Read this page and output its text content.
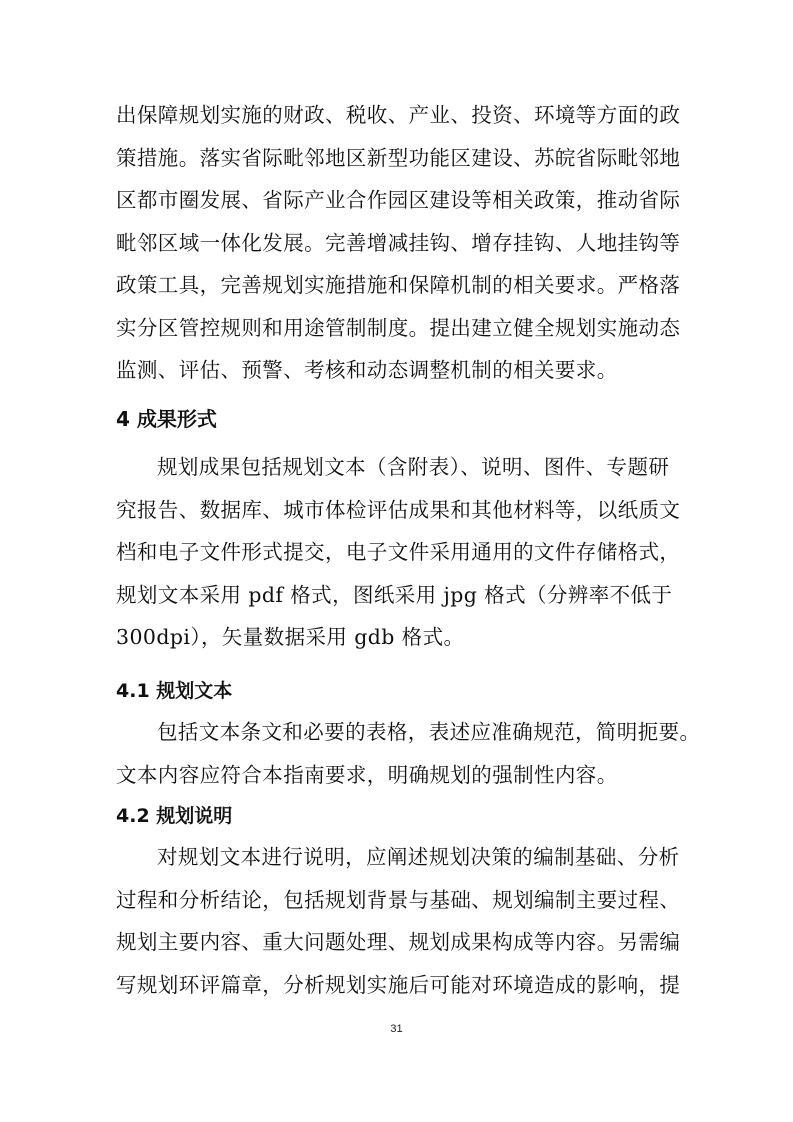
出保障规划实施的财政、税收、产业、投资、环境等方面的政
策措施。落实省际毗邻地区新型功能区建设、苏皖省际毗邻地
区都市圈发展、省际产业合作园区建设等相关政策，推动省际
毗邻区域一体化发展。完善增减挂钩、增存挂钩、人地挂钩等
政策工具，完善规划实施措施和保障机制的相关要求。严格落
实分区管控规则和用途管制制度。提出建立健全规划实施动态
监测、评估、预警、考核和动态调整机制的相关要求。
4 成果形式
规划成果包括规划文本（含附表）、说明、图件、专题研
究报告、数据库、城市体检评估成果和其他材料等，以纸质文
档和电子文件形式提交，电子文件采用通用的文件存储格式，
规划文本采用 pdf 格式，图纸采用 jpg 格式（分辨率不低于
300dpi），矢量数据采用 gdb 格式。
4.1 规划文本
包括文本条文和必要的表格，表述应准确规范，简明扼要。
文本内容应符合本指南要求，明确规划的强制性内容。
4.2 规划说明
对规划文本进行说明，应阐述规划决策的编制基础、分析
过程和分析结论，包括规划背景与基础、规划编制主要过程、
规划主要内容、重大问题处理、规划成果构成等内容。另需编
写规划环评篇章，分析规划实施后可能对环境造成的影响，提
31
